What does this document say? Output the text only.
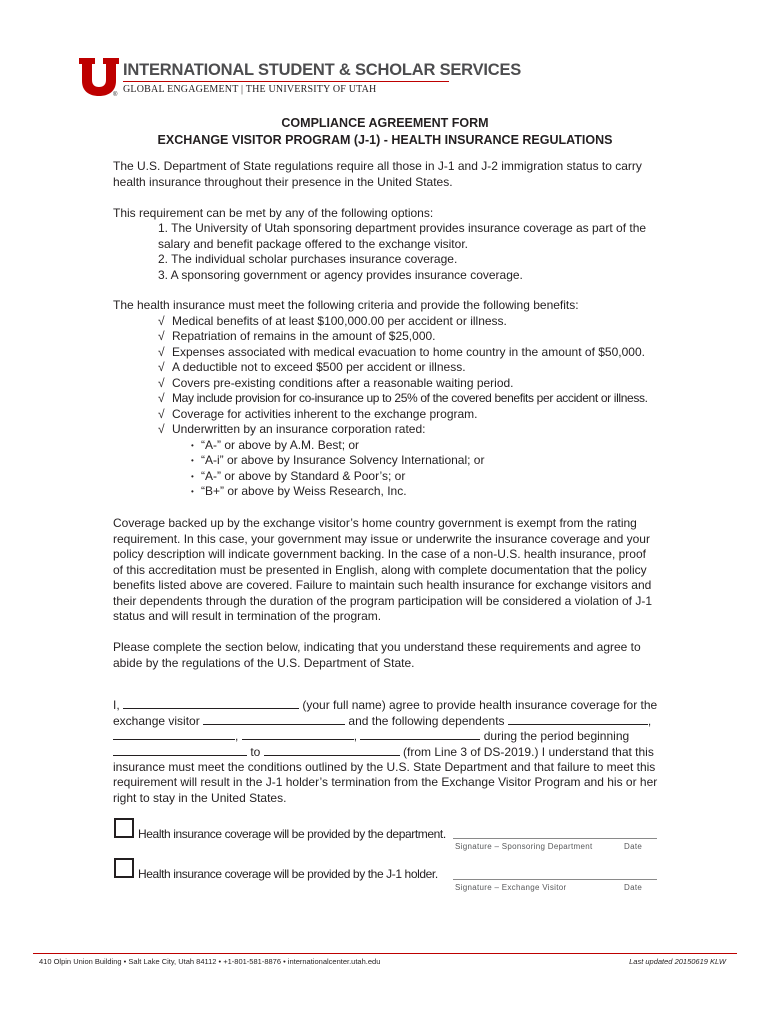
®
INTERNATIONAL STUDENT & SCHOLAR SERVICES
GLOBAL ENGAGEMENT | THE UNIVERSITY OF UTAH
COMPLIANCE AGREEMENT FORM
EXCHANGE VISITOR PROGRAM (J-1) - HEALTH INSURANCE REGULATIONS
The U.S. Department of State regulations require all those in J-1 and J-2 immigration status to carry
health insurance throughout their presence in the United States.
This requirement can be met by any of the following options:
1. The University of Utah sponsoring department provides insurance coverage as part of the
salary and benefit package offered to the exchange visitor.
2. The individual scholar purchases insurance coverage.
3. A sponsoring government or agency provides insurance coverage.
The health insurance must meet the following criteria and provide the following benefits:
√ Medical benefits of at least $100,000.00 per accident or illness.
√ Repatriation of remains in the amount of $25,000.
√ Expenses associated with medical evacuation to home country in the amount of $50,000.
√ A deductible not to exceed $500 per accident or illness.
√ Covers pre-existing conditions after a reasonable waiting period.
√ May include provision for co-insurance up to 25% of the covered benefits per accident or illness.
√ Coverage for activities inherent to the exchange program.
√ Underwritten by an insurance corporation rated:
• “A-” or above by A.M. Best; or
• “A-i” or above by Insurance Solvency International; or
• “A-” or above by Standard & Poor’s; or
• “B+” or above by Weiss Research, Inc.
Coverage backed up by the exchange visitor’s home country government is exempt from the rating
requirement. In this case, your government may issue or underwrite the insurance coverage and your
policy description will indicate government backing. In the case of a non-U.S. health insurance, proof
of this accreditation must be presented in English, along with complete documentation that the policy
benefits listed above are covered. Failure to maintain such health insurance for exchange visitors and
their dependents through the duration of the program participation will be considered a violation of J-1
status and will result in termination of the program.
Please complete the section below, indicating that you understand these requirements and agree to
abide by the regulations of the U.S. Department of State.
I,	(your full name) agree to provide health insurance coverage for the
exchange visitor	and the following dependents	,
,	,	during the period beginning
to	(from Line 3 of DS-2019.) I understand that this
insurance must meet the conditions outlined by the U.S. State Department and that failure to meet this
requirement will result in the J-1 holder’s termination from the Exchange Visitor Program and his or her
right to stay in the United States.
Health insurance coverage will be provided by the department.
Signature – Sponsoring Department	Date
Health insurance coverage will be provided by the J-1 holder.
Signature – Exchange Visitor	Date
410 Olpin Union Building • Salt Lake City, Utah 84112 • +1-801-581-8876 • internationalcenter.utah.edu	Last updated 20150619 KLW
